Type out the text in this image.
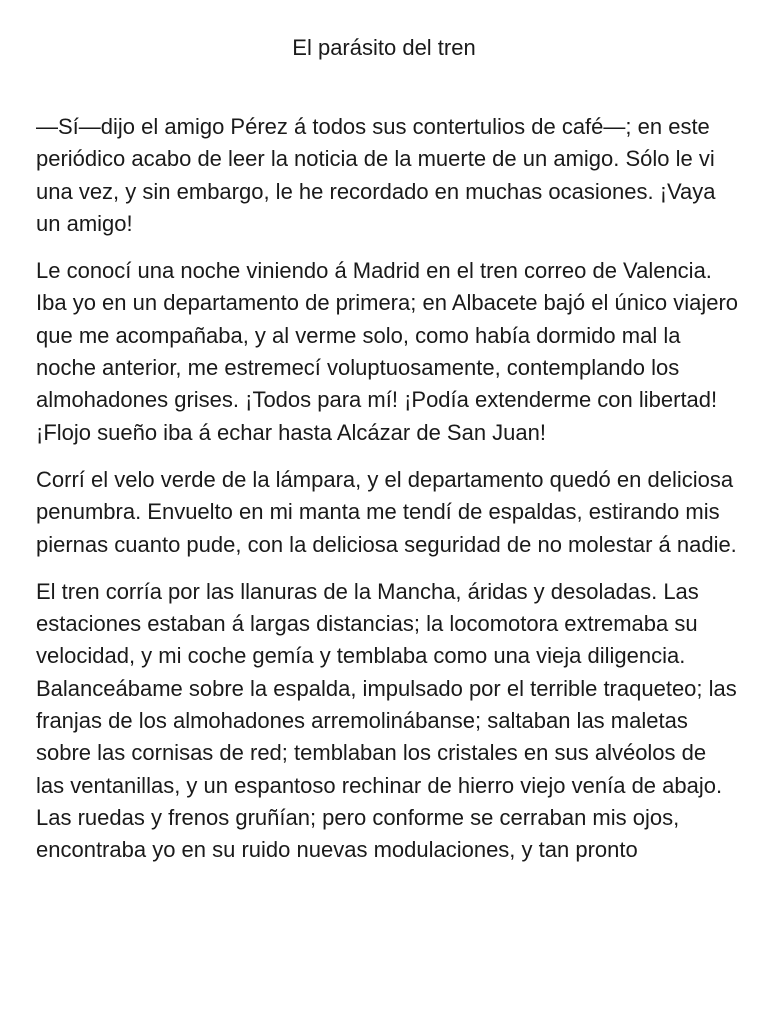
El parásito del tren

—Sí—dijo el amigo Pérez á todos sus contertulios de café—; en este periódico acabo de leer la noticia de la muerte de un amigo. Sólo le vi una vez, y sin embargo, le he recordado en muchas ocasiones. ¡Vaya un amigo!

Le conocí una noche viniendo á Madrid en el tren correo de Valencia. Iba yo en un departamento de primera; en Albacete bajó el único viajero que me acompañaba, y al verme solo, como había dormido mal la noche anterior, me estremecí voluptuosamente, contemplando los almohadones grises. ¡Todos para mí! ¡Podía extenderme con libertad! ¡Flojo sueño iba á echar hasta Alcázar de San Juan!

Corrí el velo verde de la lámpara, y el departamento quedó en deliciosa penumbra. Envuelto en mi manta me tendí de espaldas, estirando mis piernas cuanto pude, con la deliciosa seguridad de no molestar á nadie.

El tren corría por las llanuras de la Mancha, áridas y desoladas. Las estaciones estaban á largas distancias; la locomotora extremaba su velocidad, y mi coche gemía y temblaba como una vieja diligencia. Balanceábame sobre la espalda, impulsado por el terrible traqueteo; las franjas de los almohadones arremolinábanse; saltaban las maletas sobre las cornisas de red; temblaban los cristales en sus alvéolos de las ventanillas, y un espantoso rechinar de hierro viejo venía de abajo. Las ruedas y frenos gruñían; pero conforme se cerraban mis ojos, encontraba yo en su ruido nuevas modulaciones, y tan pronto
